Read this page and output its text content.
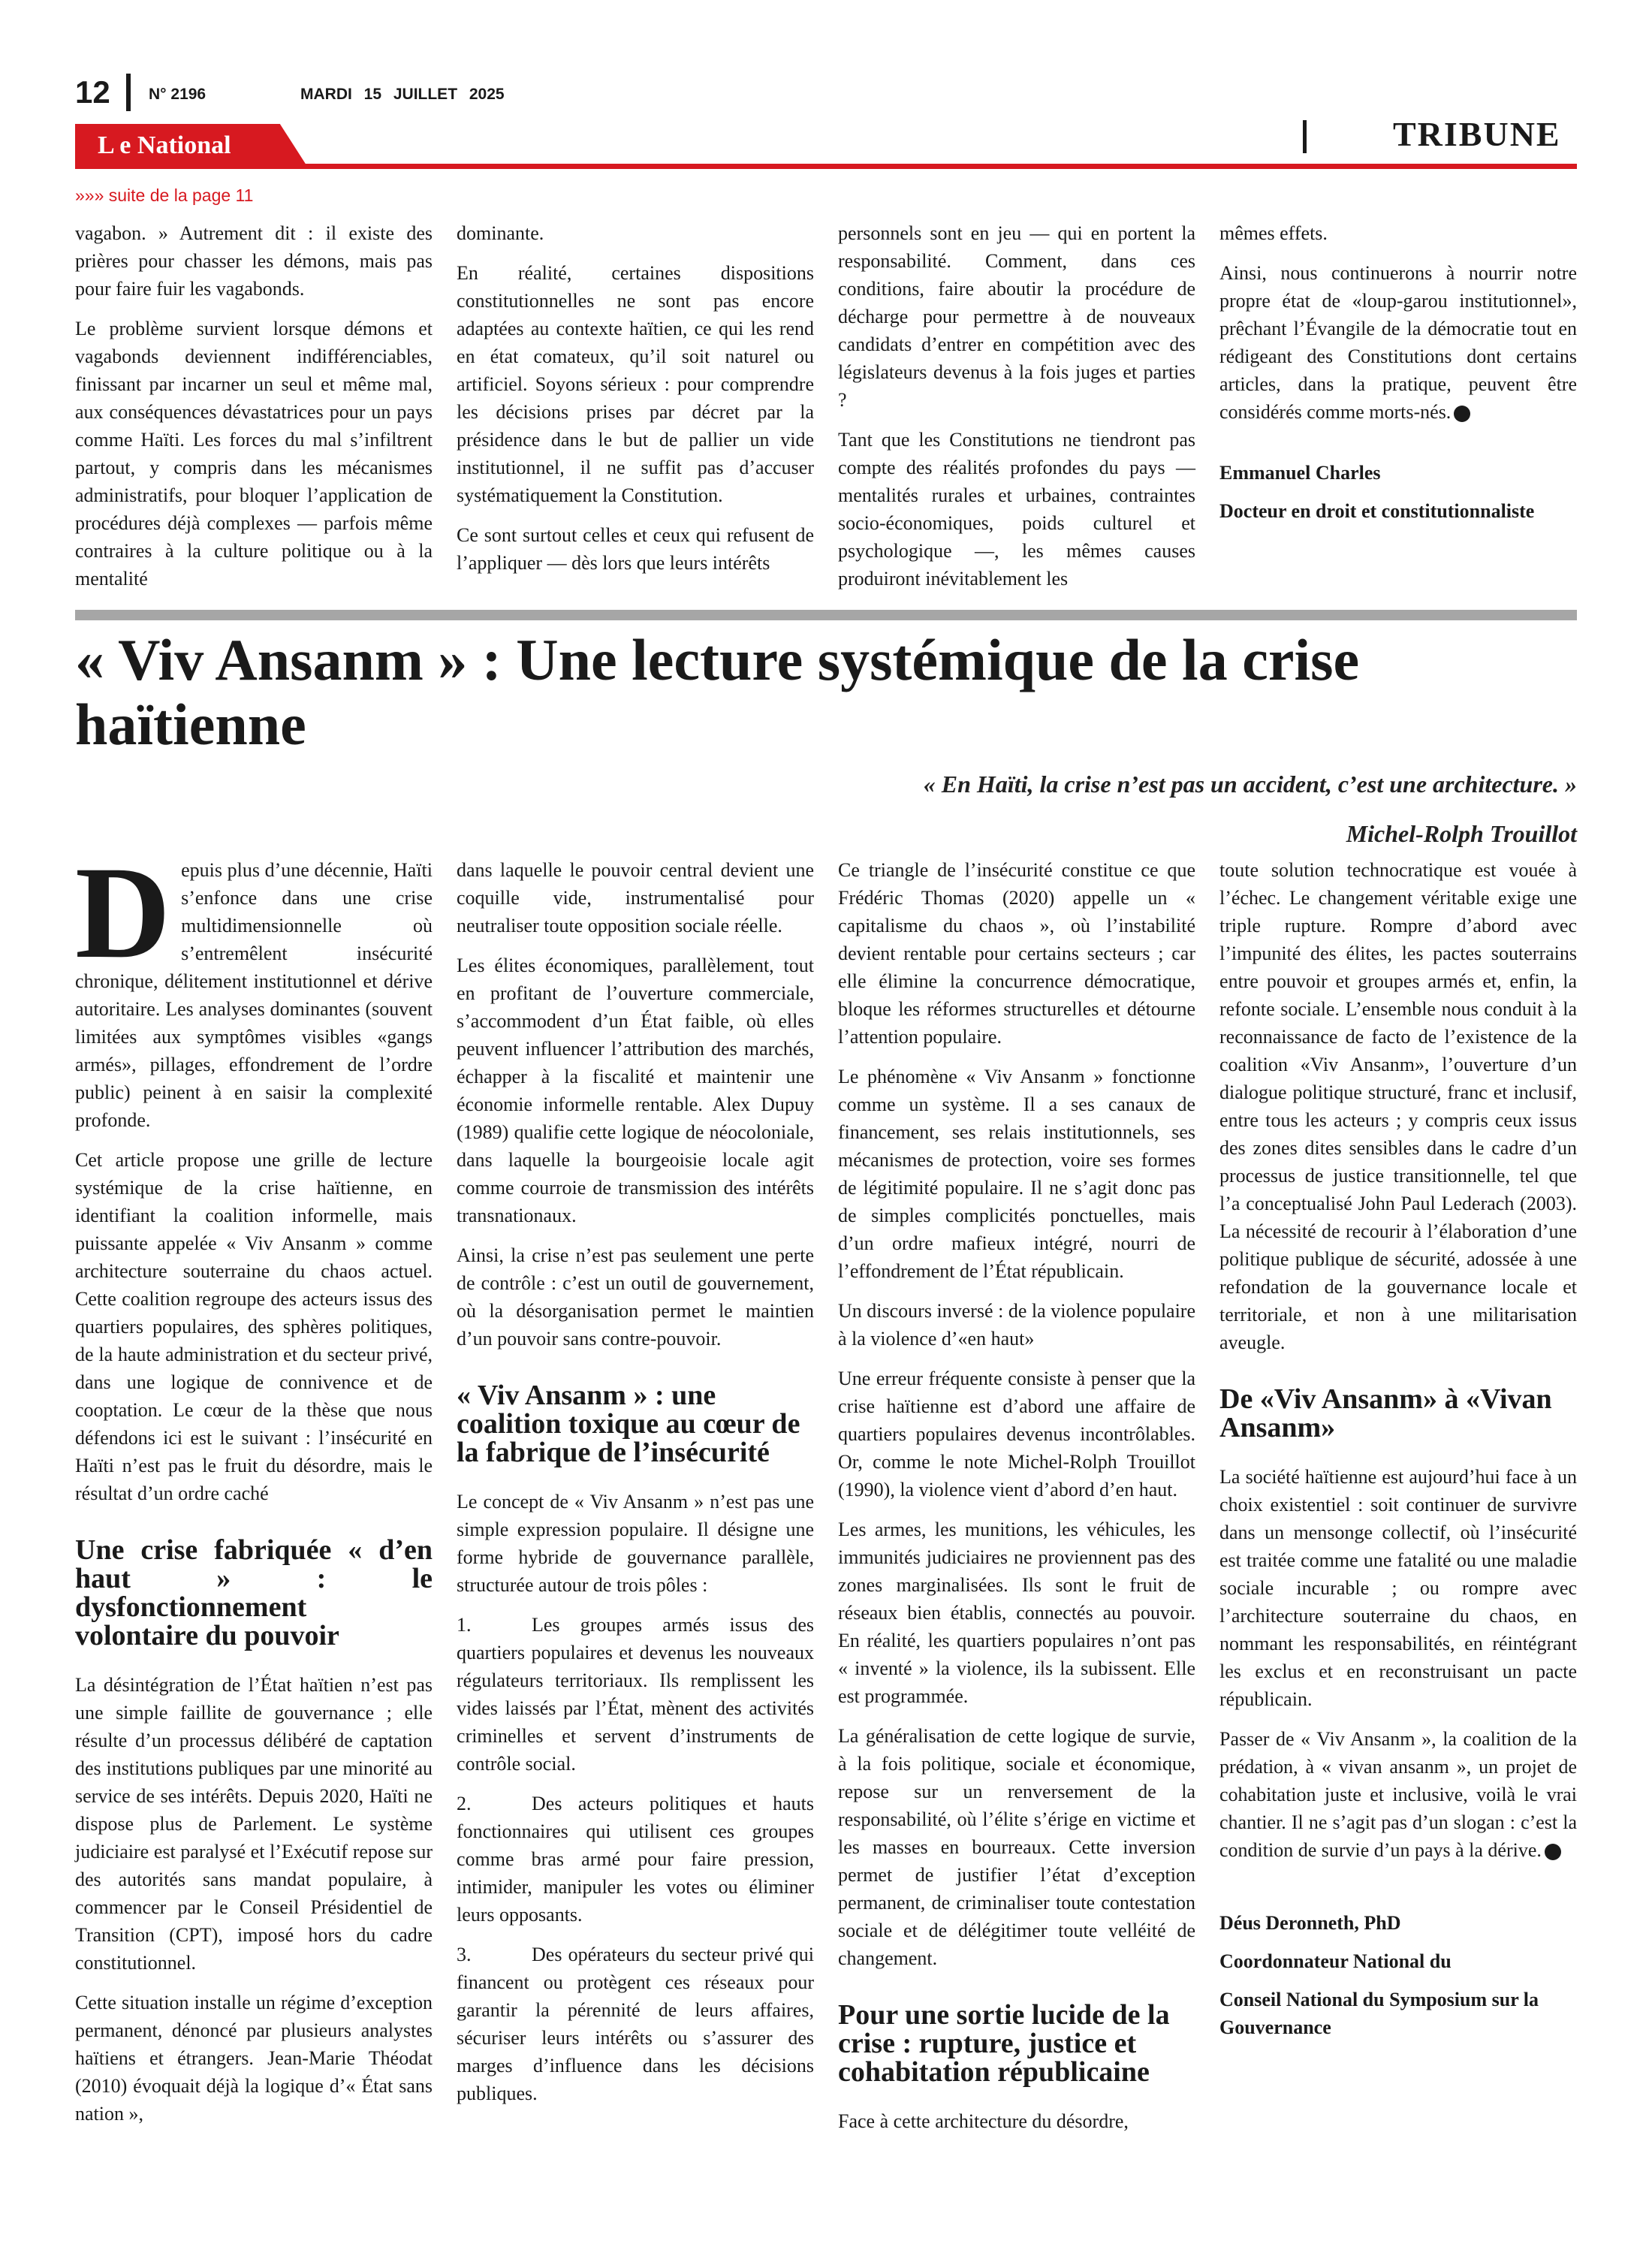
12 N° 2196	MARDI 15 JUILLET 2025
L e National	TRIBUNE
»»» suite de la page 11

vagabon. » Autrement dit : il existe des prières pour chasser les démons, mais pas pour faire fuir les vagabonds.

Le problème survient lorsque démons et vagabonds deviennent indifférenciables, finissant par incarner un seul et même mal, aux conséquences dévastatrices pour un pays comme Haïti. Les forces du mal s’infiltrent partout, y compris dans les mécanismes administratifs, pour bloquer l’application de procédures déjà complexes — parfois même contraires à la culture politique ou à la mentalité

dominante.

En réalité, certaines dispositions constitutionnelles ne sont pas encore adaptées au contexte haïtien, ce qui les rend en état comateux, qu’il soit naturel ou artificiel. Soyons sérieux : pour comprendre les décisions prises par décret par la présidence dans le but de pallier un vide institutionnel, il ne suffit pas d’accuser systématiquement la Constitution.

Ce sont surtout celles et ceux qui refusent de l’appliquer — dès lors que leurs intérêts

personnels sont en jeu — qui en portent la responsabilité. Comment, dans ces conditions, faire aboutir la procédure de décharge pour permettre à de nouveaux candidats d’entrer en compétition avec des législateurs devenus à la fois juges et parties ?

Tant que les Constitutions ne tiendront pas compte des réalités profondes du pays — mentalités rurales et urbaines, contraintes socio-économiques, poids culturel et psychologique —, les mêmes causes produiront inévitablement les

mêmes effets.

Ainsi, nous continuerons à nourrir notre propre état de «loup-garou institutionnel», prêchant l’Évangile de la démocratie tout en rédigeant des Constitutions dont certains articles, dans la pratique, peuvent être considérés comme morts-nés.

Emmanuel Charles

Docteur en droit et constitutionnaliste

« Viv Ansanm » : Une lecture systémique de la crise haïtienne
« En Haïti, la crise n’est pas un accident, c’est une architecture. »
Michel-Rolph Trouillot

Depuis plus d’une décennie, Haïti s’enfonce dans une crise multidimensionnelle où s’entremêlent insécurité chronique, délitement institutionnel et dérive autoritaire. Les analyses dominantes (souvent limitées aux symptômes visibles «gangs armés», pillages, effondrement de l’ordre public) peinent à en saisir la complexité profonde.

Cet article propose une grille de lecture systémique de la crise haïtienne, en identifiant la coalition informelle, mais puissante appelée « Viv Ansanm » comme architecture souterraine du chaos actuel. Cette coalition regroupe des acteurs issus des quartiers populaires, des sphères politiques, de la haute administration et du secteur privé, dans une logique de connivence et de cooptation. Le cœur de la thèse que nous défendons ici est le suivant : l’insécurité en Haïti n’est pas le fruit du désordre, mais le résultat d’un ordre caché

Une crise fabriquée « d’en haut » : le dysfonctionnement volontaire du pouvoir

La désintégration de l’État haïtien n’est pas une simple faillite de gouvernance ; elle résulte d’un processus délibéré de captation des institutions publiques par une minorité au service de ses intérêts. Depuis 2020, Haïti ne dispose plus de Parlement. Le système judiciaire est paralysé et l’Exécutif repose sur des autorités sans mandat populaire, à commencer par le Conseil Présidentiel de Transition (CPT), imposé hors du cadre constitutionnel.

Cette situation installe un régime d’exception permanent, dénoncé par plusieurs analystes haïtiens et étrangers. Jean-Marie Théodat (2010) évoquait déjà la logique d’« État sans nation »,

dans laquelle le pouvoir central devient une coquille vide, instrumentalisé pour neutraliser toute opposition sociale réelle.

Les élites économiques, parallèlement, tout en profitant de l’ouverture commerciale, s’accommodent d’un État faible, où elles peuvent influencer l’attribution des marchés, échapper à la fiscalité et maintenir une économie informelle rentable. Alex Dupuy (1989) qualifie cette logique de néocoloniale, dans laquelle la bourgeoisie locale agit comme courroie de transmission des intérêts transnationaux.

Ainsi, la crise n’est pas seulement une perte de contrôle : c’est un outil de gouvernement, où la désorganisation permet le maintien d’un pouvoir sans contre-pouvoir.

« Viv Ansanm » : une coalition toxique au cœur de la fabrique de l’insécurité

Le concept de « Viv Ansanm » n’est pas une simple expression populaire. Il désigne une forme hybride de gouvernance parallèle, structurée autour de trois pôles :

1.	Les groupes armés issus des quartiers populaires et devenus les nouveaux régulateurs territoriaux. Ils remplissent les vides laissés par l’État, mènent des activités criminelles et servent d’instruments de contrôle social.

2.	Des acteurs politiques et hauts fonctionnaires qui utilisent ces groupes comme bras armé pour faire pression, intimider, manipuler les votes ou éliminer leurs opposants.

3.	Des opérateurs du secteur privé qui financent ou protègent ces réseaux pour garantir la pérennité de leurs affaires, sécuriser leurs intérêts ou s’assurer des marges d’influence dans les décisions publiques.

Ce triangle de l’insécurité constitue ce que Frédéric Thomas (2020) appelle un « capitalisme du chaos », où l’instabilité devient rentable pour certains secteurs ; car elle élimine la concurrence démocratique, bloque les réformes structurelles et détourne l’attention populaire.

Le phénomène « Viv Ansanm » fonctionne comme un système. Il a ses canaux de financement, ses relais institutionnels, ses mécanismes de protection, voire ses formes de légitimité populaire. Il ne s’agit donc pas de simples complicités ponctuelles, mais d’un ordre mafieux intégré, nourri de l’effondrement de l’État républicain.

Un discours inversé : de la violence populaire à la violence d’«en haut»

Une erreur fréquente consiste à penser que la crise haïtienne est d’abord une affaire de quartiers populaires devenus incontrôlables. Or, comme le note Michel-Rolph Trouillot (1990), la violence vient d’abord d’en haut.

Les armes, les munitions, les véhicules, les immunités judiciaires ne proviennent pas des zones marginalisées. Ils sont le fruit de réseaux bien établis, connectés au pouvoir. En réalité, les quartiers populaires n’ont pas « inventé » la violence, ils la subissent. Elle est programmée.

La généralisation de cette logique de survie, à la fois politique, sociale et économique, repose sur un renversement de la responsabilité, où l’élite s’érige en victime et les masses en bourreaux. Cette inversion permet de justifier l’état d’exception permanent, de criminaliser toute contestation sociale et de délégitimer toute velléité de changement.

Pour une sortie lucide de la crise : rupture, justice et cohabitation républicaine

Face à cette architecture du désordre,

toute solution technocratique est vouée à l’échec. Le changement véritable exige une triple rupture. Rompre d’abord avec l’impunité des élites, les pactes souterrains entre pouvoir et groupes armés et, enfin, la refonte sociale. L’ensemble nous conduit à la reconnaissance de facto de l’existence de la coalition «Viv Ansanm», l’ouverture d’un dialogue politique structuré, franc et inclusif, entre tous les acteurs ; y compris ceux issus des zones dites sensibles dans le cadre d’un processus de justice transitionnelle, tel que l’a conceptualisé John Paul Lederach (2003). La nécessité de recourir à l’élaboration d’une politique publique de sécurité, adossée à une refondation de la gouvernance locale et territoriale, et non à une militarisation aveugle.

De «Viv Ansanm» à «Vivan Ansanm»

La société haïtienne est aujourd’hui face à un choix existentiel : soit continuer de survivre dans un mensonge collectif, où l’insécurité est traitée comme une fatalité ou une maladie sociale incurable ; ou rompre avec l’architecture souterraine du chaos, en nommant les responsabilités, en réintégrant les exclus et en reconstruisant un pacte républicain.

Passer de « Viv Ansanm », la coalition de la prédation, à « vivan ansanm », un projet de cohabitation juste et inclusive, voilà le vrai chantier. Il ne s’agit pas d’un slogan : c’est la condition de survie d’un pays à la dérive.

Déus Deronneth, PhD

Coordonnateur National du

Conseil National du Symposium sur la Gouvernance
